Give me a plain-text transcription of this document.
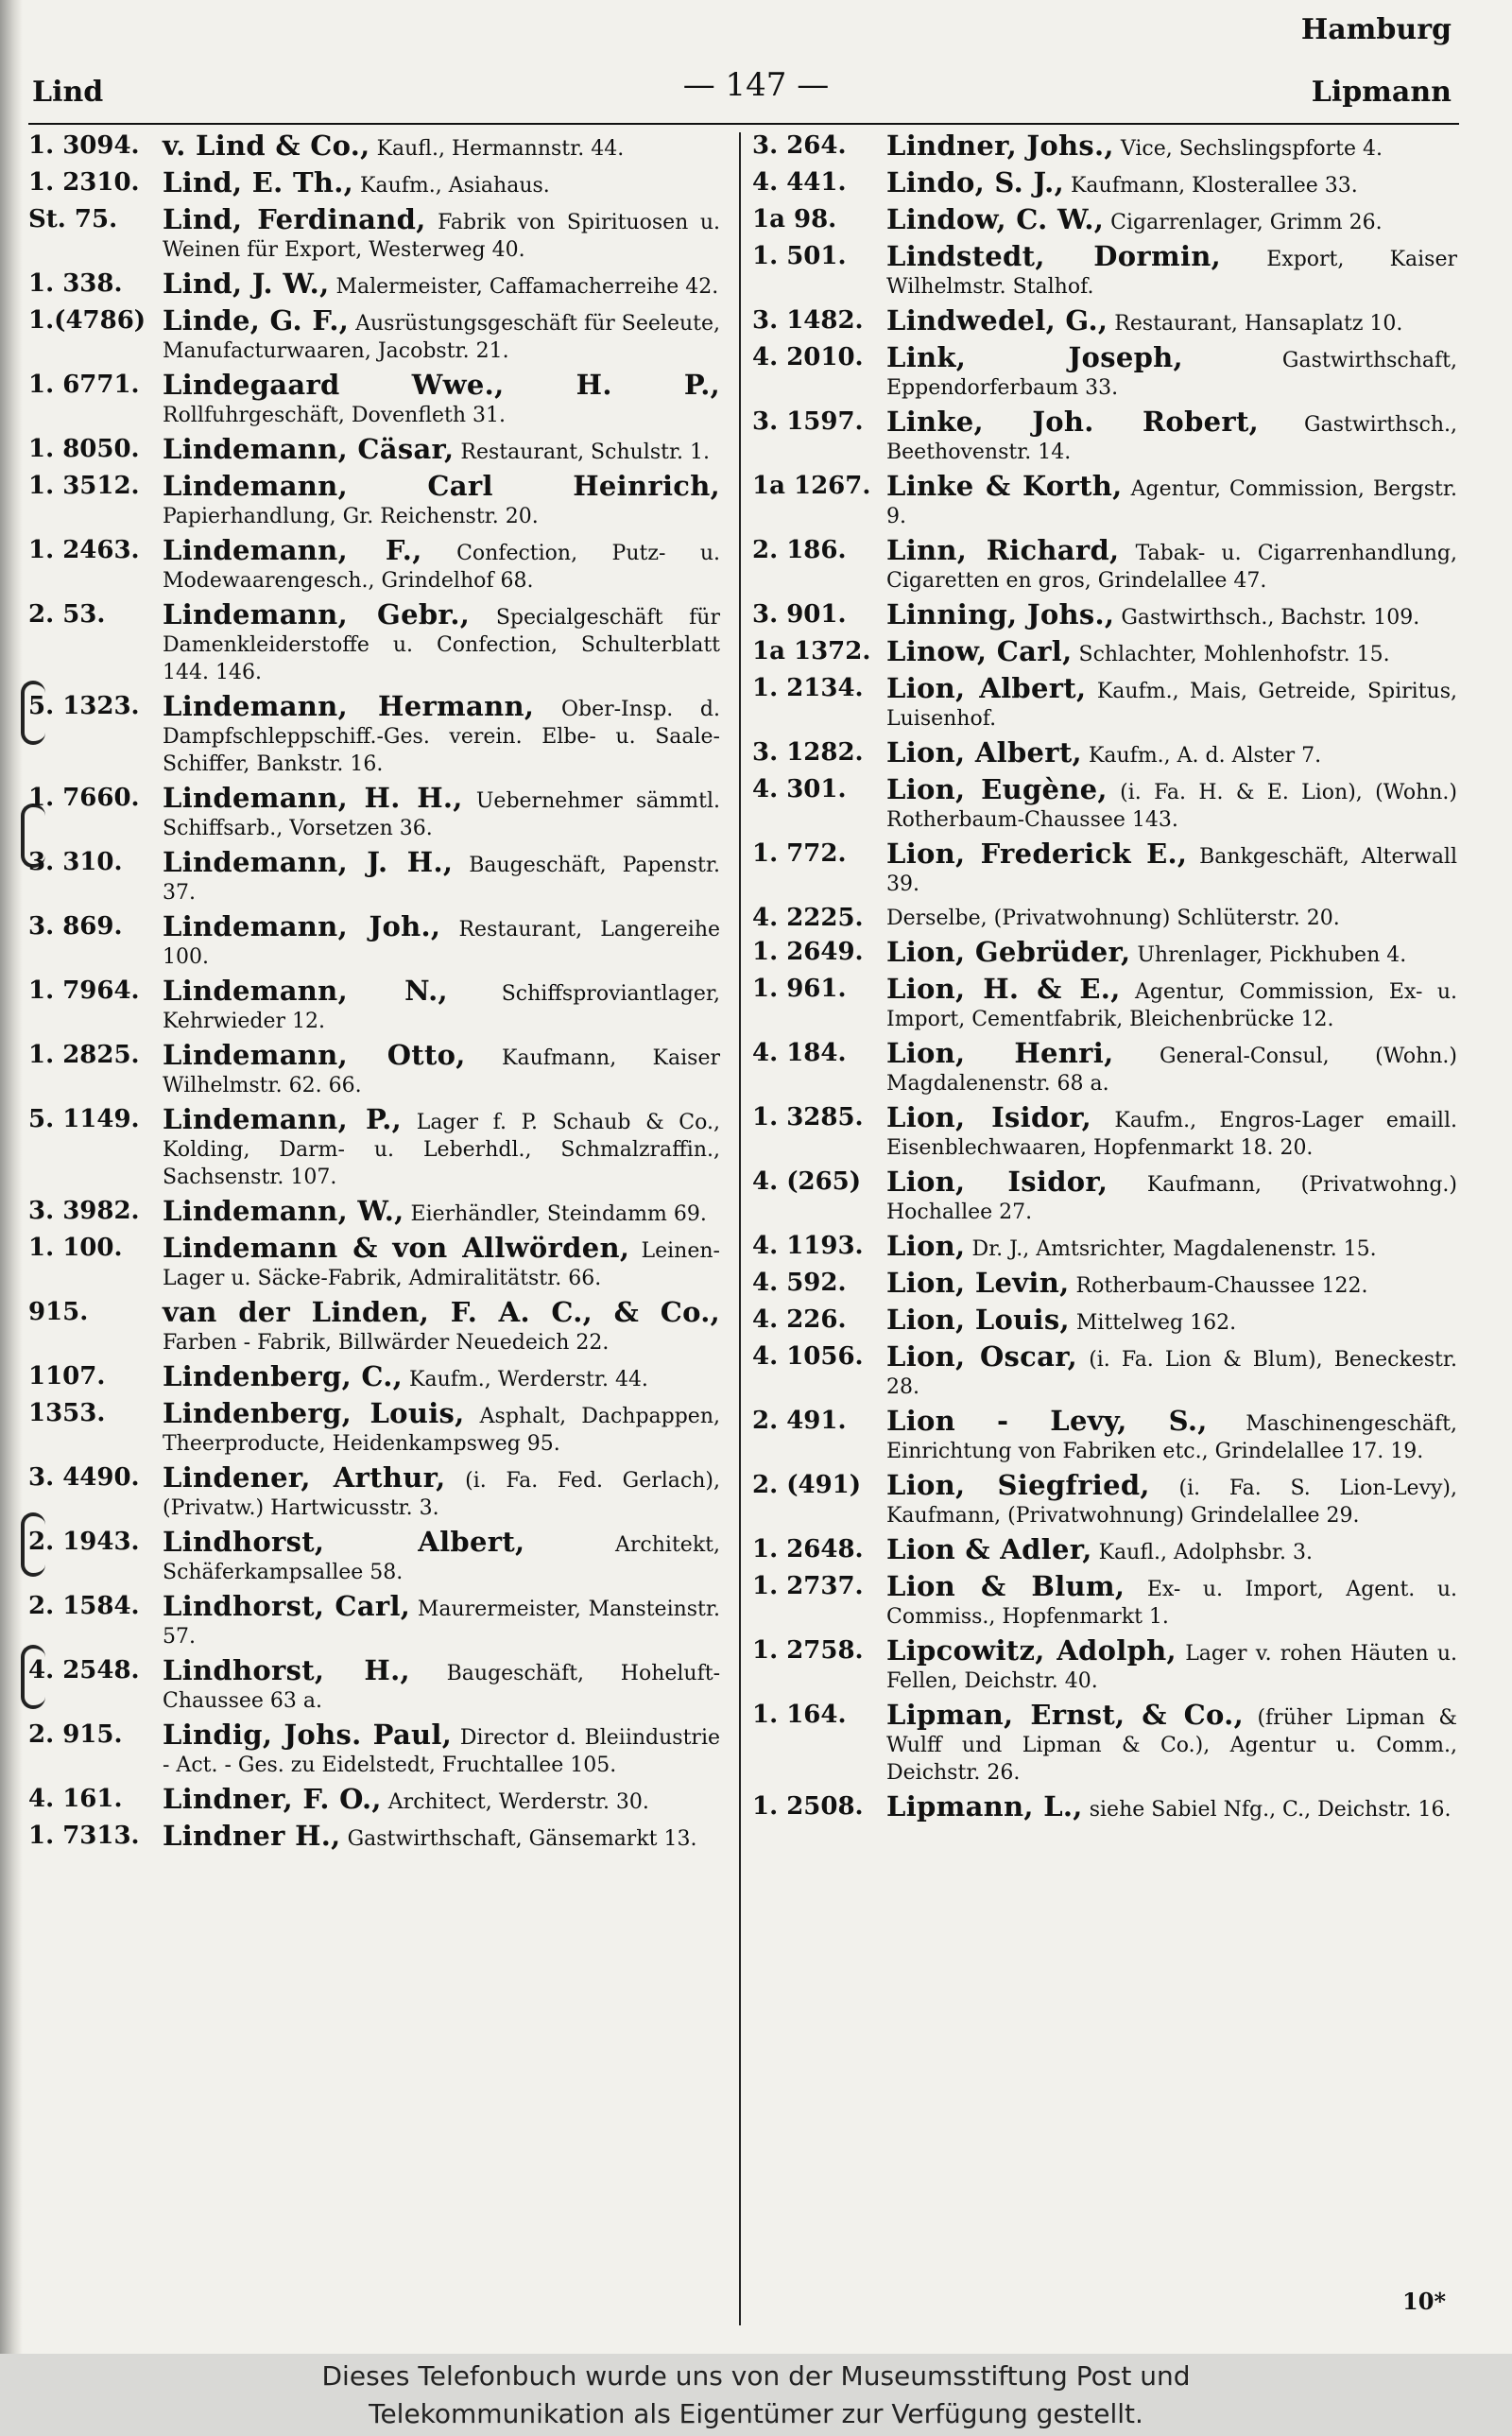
Hamburg
Lind	— 147 —	Lipmann
1. 3094. v. Lind & Co., Kaufl., Hermannstr. 44.
1. 2310. Lind, E. Th., Kaufm., Asiahaus.
St. 75.	Lind, Ferdinand, Fabrik von Spirituosen u. Weinen für Export, Westerweg 40.
1. 338.	Lind, J. W., Malermeister, Caffamacherreihe 42.
1.(4786) Linde, G. F., Ausrüstungsgeschäft für Seeleute, Manufacturwaaren, Jacobstr. 21.
1. 6771. Lindegaard Wwe., H. P., Rollfuhrgeschäft, Dovenfleth 31.
1. 8050. Lindemann, Cäsar, Restaurant, Schulstr. 1.
1. 3512. Lindemann, Carl Heinrich, Papierhandlung, Gr. Reichenstr. 20.
1. 2463. Lindemann, F., Confection, Putz- u. Modewaarengesch., Grindelhof 68.
2. 53.	Lindemann, Gebr., Specialgeschäft für Damenkleiderstoffe u. Confection, Schulterblatt 144. 146.
5. 1323. Lindemann, Hermann, Ober-Insp. d. Dampfschleppschiff.-Ges. verein. Elbe- u. Saale-Schiffer, Bankstr. 16.
1. 7660. Lindemann, H. H., Uebernehmer sämmtl. Schiffsarb., Vorsetzen 36.
3. 310.	Lindemann, J. H., Baugeschäft, Papenstr. 37.
3. 869.	Lindemann, Joh., Restaurant, Langereihe 100.
1. 7964. Lindemann, N.,	Schiffsproviantlager, Kehrwieder 12.
1. 2825. Lindemann, Otto, Kaufmann, Kaiser Wilhelmstr. 62. 66.
5. 1149. Lindemann, P., Lager f. P. Schaub & Co., Kolding, Darm- u. Leberhdl., Schmalzraffin., Sachsenstr. 107.
3. 3982. Lindemann, W., Eierhändler, Steindamm 69.
1. 100.	Lindemann & von Allwörden, Leinen-Lager u. Säcke-Fabrik, Admiralitätstr. 66.
915.	van der Linden, F. A. C., & Co., Farben - Fabrik, Billwärder Neuedeich 22.
1107.	Lindenberg, C., Kaufm., Werderstr. 44.
1353.	Lindenberg, Louis, Asphalt, Dachpappen, Theerproducte, Heidenkampsweg 95.
3. 4490. Lindener, Arthur, (i. Fa. Fed. Gerlach), (Privatw.) Hartwicusstr. 3.
2. 1943. Lindhorst, Albert,	Architekt, Schäferkampsallee 58.
2. 1584. Lindhorst, Carl, Maurermeister, Mansteinstr. 57.
4. 2548. Lindhorst, H., Baugeschäft, Hoheluft-Chaussee 63 a.
2. 915.	Lindig, Johs. Paul, Director d. Bleiindustrie - Act. - Ges. zu Eidelstedt, Fruchtallee 105.
4. 161.	Lindner, F. O., Architect, Werderstr. 30.
1. 7313. Lindner H., Gastwirthschaft, Gänsemarkt 13.
3. 264.	Lindner, Johs., Vice, Sechslingspforte 4.
4. 441.	Lindo, S. J., Kaufmann, Klosterallee 33.
1a 98.	Lindow, C. W., Cigarrenlager, Grimm 26.
1. 501.	Lindstedt, Dormin, Export, Kaiser Wilhelmstr. Stalhof.
3. 1482. Lindwedel, G., Restaurant, Hansaplatz 10.
4. 2010. Link, Joseph,	Gastwirthschaft, Eppendorferbaum 33.
3. 1597. Linke, Joh. Robert, Gastwirthsch., Beethovenstr. 14.
1a 1267. Linke & Korth, Agentur, Commission, Bergstr. 9.
2. 186.	Linn, Richard, Tabak- u. Cigarrenhandlung, Cigaretten en gros, Grindelallee 47.
3. 901.	Linning, Johs., Gastwirthsch., Bachstr. 109.
1a 1372. Linow, Carl, Schlachter, Mohlenhofstr. 15.
1. 2134. Lion, Albert, Kaufm., Mais, Getreide, Spiritus, Luisenhof.
3. 1282. Lion, Albert, Kaufm., A. d. Alster 7.
4. 301.	Lion, Eugène, (i. Fa. H. & E. Lion), (Wohn.) Rotherbaum-Chaussee 143.
1. 772.	Lion, Frederick E., Bankgeschäft, Alterwall 39.
4. 2225.	Derselbe, (Privatwohnung) Schlüterstr. 20.
1. 2649. Lion, Gebrüder, Uhrenlager, Pickhuben 4.
1. 961.	Lion, H. & E., Agentur, Commission, Ex- u. Import, Cementfabrik, Bleichenbrücke 12.
4. 184.	Lion, Henri, General-Consul, (Wohn.) Magdalenenstr. 68 a.
1. 3285. Lion, Isidor, Kaufm., Engros-Lager emaill. Eisenblechwaaren, Hopfenmarkt 18. 20.
4. (265) Lion, Isidor, Kaufmann, (Privatwohng.) Hochallee 27.
4. 1193. Lion, Dr. J., Amtsrichter, Magdalenenstr. 15.
4. 592.	Lion, Levin, Rotherbaum-Chaussee 122.
4. 226.	Lion, Louis, Mittelweg 162.
4. 1056. Lion, Oscar, (i. Fa. Lion & Blum), Beneckestr. 28.
2. 491.	Lion - Levy, S., Maschinengeschäft, Einrichtung von Fabriken etc., Grindelallee 17. 19.
2. (491) Lion, Siegfried, (i. Fa. S. Lion-Levy), Kaufmann, (Privatwohnung) Grindelallee 29.
1. 2648. Lion & Adler, Kaufl., Adolphsbr. 3.
1. 2737. Lion & Blum, Ex- u. Import, Agent. u. Commiss., Hopfenmarkt 1.
1. 2758. Lipcowitz, Adolph, Lager v. rohen Häuten u. Fellen, Deichstr. 40.
1. 164.	Lipman, Ernst, & Co., (früher Lipman & Wulff und Lipman & Co.), Agentur u. Comm., Deichstr. 26.
1. 2508. Lipmann, L., siehe Sabiel Nfg., C., Deichstr. 16.
10*
Dieses Telefonbuch wurde uns von der Museumsstiftung Post und
Telekommunikation als Eigentümer zur Verfügung gestellt.
